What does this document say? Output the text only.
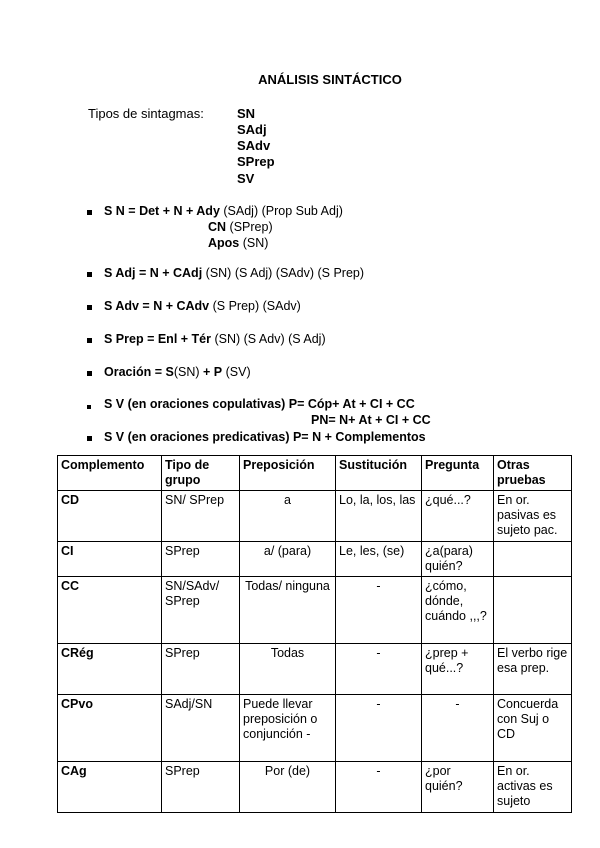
ANÁLISIS SINTÁCTICO
Tipos de sintagmas:	SN
SAdj
SAdv
SPrep
SV
S N = Det + N + Ady (SAdj) (Prop Sub Adj)
CN (SPrep)
Apos (SN)
S Adj = N + CAdj (SN) (S Adj) (SAdv) (S Prep)
S Adv = N + CAdv (S Prep) (SAdv)
S Prep = Enl + Tér (SN) (S Adv) (S Adj)
Oración = S(SN) + P (SV)
S V (en oraciones copulativas) P= Cóp+ At + CI + CC
PN= N+ At + CI + CC
S V (en oraciones predicativas) P= N + Complementos
Complemento	Tipo de grupo	Preposición	Sustitución	Pregunta	Otras pruebas
CD	SN/ SPrep	a	Lo, la, los, las	¿qué...?	En or. pasivas es sujeto pac.
CI	SPrep	a/ (para)	Le, les, (se)	¿a(para) quién?	
CC	SN/SAdv/ SPrep	Todas/ ninguna	-	¿cómo, dónde, cuándo ,,,?	
CRég	SPrep	Todas	-	¿prep + qué...?	El verbo rige esa prep.
CPvo	SAdj/SN	Puede llevar preposición o conjunción -	-	-	Concuerda con Suj o CD
CAg	SPrep	Por (de)	-	¿por quién?	En or. activas es sujeto
